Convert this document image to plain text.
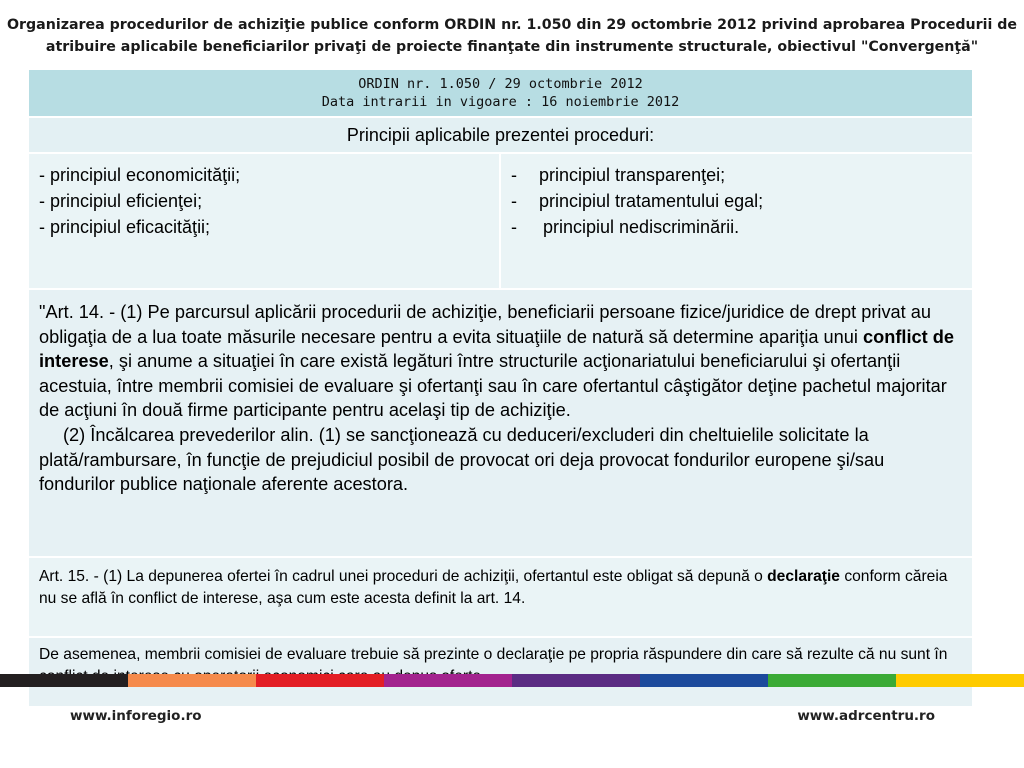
Organizarea procedurilor de achiziţie publice conform ORDIN nr. 1.050 din 29 octombrie 2012 privind aprobarea Procedurii de
atribuire aplicabile beneficiarilor privaţi de proiecte finanţate din instrumente structurale, obiectivul "Convergenţă"
ORDIN nr. 1.050 / 29 octombrie 2012
Data intrarii in vigoare : 16 noiembrie 2012

Principii aplicabile prezentei proceduri:

- principiul economicităţii;
- principiul eficienţei;
- principiul eficacităţii;

-	principiul transparenţei;
-	principiul tratamentului egal;
-	principiul nediscriminării.

"Art. 14. - (1) Pe parcursul aplicării procedurii de achiziţie, beneficiarii persoane fizice/juridice de drept privat au obligaţia de a lua toate măsurile necesare pentru a evita situaţiile de natură să determine apariţia unui conflict de interese, şi anume a situaţiei în care există legături între structurile acţionariatului beneficiarului şi ofertanţii acestuia, între membrii comisiei de evaluare şi ofertanţi sau în care ofertantul câştigător deţine pachetul majoritar de acţiuni în două firme participante pentru acelaşi tip de achiziţie.
(2) Încălcarea prevederilor alin. (1) se sancţionează cu deduceri/excluderi din cheltuielile solicitate la plată/rambursare, în funcţie de prejudiciul posibil de provocat ori deja provocat fondurilor europene şi/sau fondurilor publice naţionale aferente acestora.

Art. 15. - (1) La depunerea ofertei în cadrul unei proceduri de achiziţii, ofertantul este obligat să depună o declaraţie conform căreia nu se află în conflict de interese, aşa cum este acesta definit la art. 14.
De asemenea, membrii comisiei de evaluare trebuie să prezinte o declaraţie pe propria răspundere din care să rezulte că nu sunt în
www.inforegio.ro	www.adrcentru.ro
